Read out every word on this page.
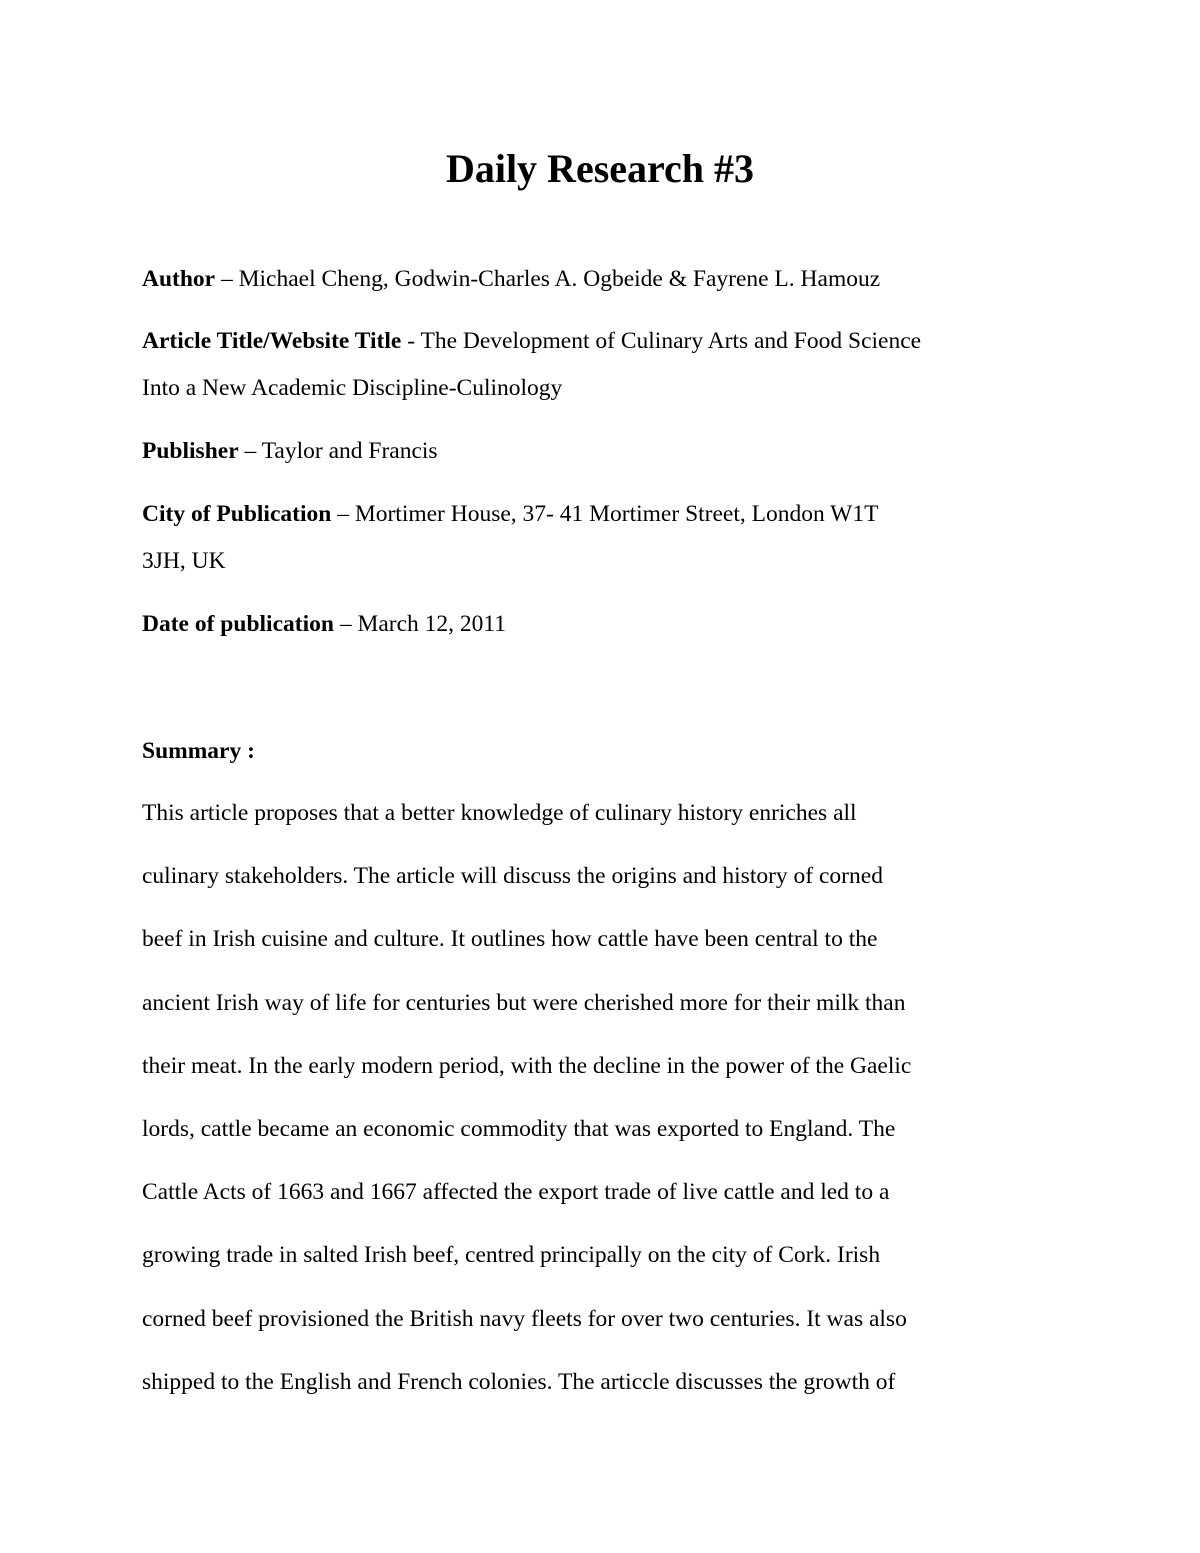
Daily Research #3

Author – Michael Cheng, Godwin-Charles A. Ogbeide & Fayrene L. Hamouz

Article Title/Website Title - The Development of Culinary Arts and Food Science
Into a New Academic Discipline-Culinology

Publisher – Taylor and Francis

City of Publication – Mortimer House, 37- 41 Mortimer Street, London W1T
3JH, UK

Date of publication – March 12, 2011

Summary :

This article proposes that a better knowledge of culinary history enriches all
culinary stakeholders. The article will discuss the origins and history of corned
beef in Irish cuisine and culture. It outlines how cattle have been central to the
ancient Irish way of life for centuries but were cherished more for their milk than
their meat. In the early modern period, with the decline in the power of the Gaelic
lords, cattle became an economic commodity that was exported to England. The
Cattle Acts of 1663 and 1667 affected the export trade of live cattle and led to a
growing trade in salted Irish beef, centred principally on the city of Cork. Irish
corned beef provisioned the British navy fleets for over two centuries. It was also
shipped to the English and French colonies. The articcle discusses the growth of
